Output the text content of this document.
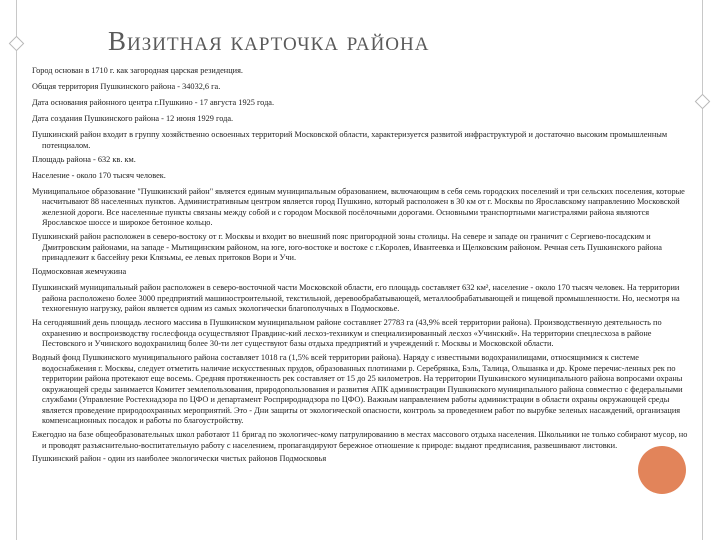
Визитная карточка района

Город основан в 1710 г. как загородная царская резиденция.

Общая территория Пушкинского района - 34032,6 га.

Дата основания районного центра г.Пушкино - 17 августа 1925 года.

Дата создания Пушкинского района - 12 июня 1929 года.

Пушкинский район входит в группу хозяйственно освоенных территорий Московской области, характеризуется развитой инфраструктурой и достаточно высоким промышленным потенциалом.

Площадь района - 632 кв. км.

Население - около 170 тысяч человек.

Муниципальное образование "Пушкинский район" является единым муниципальным образованием, включающим в себя семь городских поселений и три сельских поселения, которые насчитывают 88 населенных пунктов. Административным центром является город Пушкино, который расположен в 30 км от г. Москвы по Ярославскому направлению Московской железной дороги. Все населенные пункты связаны между собой и с городом Москвой посёлочными дорогами. Основными транспортными магистралями района являются Ярославское шоссе и широкое бетонное кольцо.

Пушкинский район расположен в северо-востоку от г. Москвы и входит во внешний пояс пригородной зоны столицы. На севере и западе он граничит с Сергиево-посадским и Дмитровским районами, на западе - Мытищинским районом, на юге, юго-востоке и востоке с г.Королев, Ивантеевка и Щелковским районом. Речная сеть Пушкинского района принадлежит к бассейну реки Клязьмы, ее левых притоков Вори и Учи.

Подмосковная жемчужина

Пушкинский муниципальный район расположен в северо-восточной части Московской области, его площадь составляет 632 км², население - около 170 тысяч человек. На территории района расположено более 3000 предприятий машиностроительной, текстильной, деревообрабатывающей, металлообрабатывающей и пищевой промышленности. Но, несмотря на техногенную нагрузку, район является одним из самых экологически благополучных в Подмосковье.

На сегодняшний день площадь лесного массива в Пушкинском муниципальном районе составляет 27783 га (43,9% всей территории района). Производственную деятельность по охранению и воспроизводству гослесфонда осуществляют Правдинс-кий лесхоз-техникум и специализированный лесхоз «Учинский». На территории спецлесхоза в районе Пестовского и Учинского водохранилищ более 30-ти лет существуют базы отдыха предприятий и учреждений г. Москвы и Московской области.

Водный фонд Пушкинского муниципального района составляет 1018 га (1,5% всей территории района). Наряду с известными водохранилищами, относящимися к системе водоснабжения г. Москвы, следует отметить наличие искусственных прудов, образованных плотинами р. Серебрянка, Бэль, Талица, Ольшанка и др. Кроме перечис-ленных рек по территории района протекают еще восемь. Средняя протяженность рек составляет от 15 до 25 километров. На территории Пушкинского муниципального района вопросами охраны окружающей среды занимается Комитет землепользования, природопользования и развития АПК администрации Пушкинского муниципального района совместно с федеральными службами (Управление Ростехнадзора по ЦФО и департамент Росприроднадзора по ЦФО). Важным направлением работы администрации в области охраны окружающей среды является проведение природоохранных мероприятий. Это - Дни защиты от экологической опасности, контроль за проведением работ по вырубке зеленых насаждений, организация компенсационных посадок и работы по благоустройству.

Ежегодно на базе общеобразовательных школ работают 11 бригад по экологичес-кому патрулированию в местах массового отдыха населения. Школьники не только собирают мусор, но и проводят разъяснительно-воспитательную работу с населением, пропагандируют бережное отношение к природе: выдают предписания, развешивают листовки.

Пушкинский район - один из наиболее экологически чистых районов Подмосковья
